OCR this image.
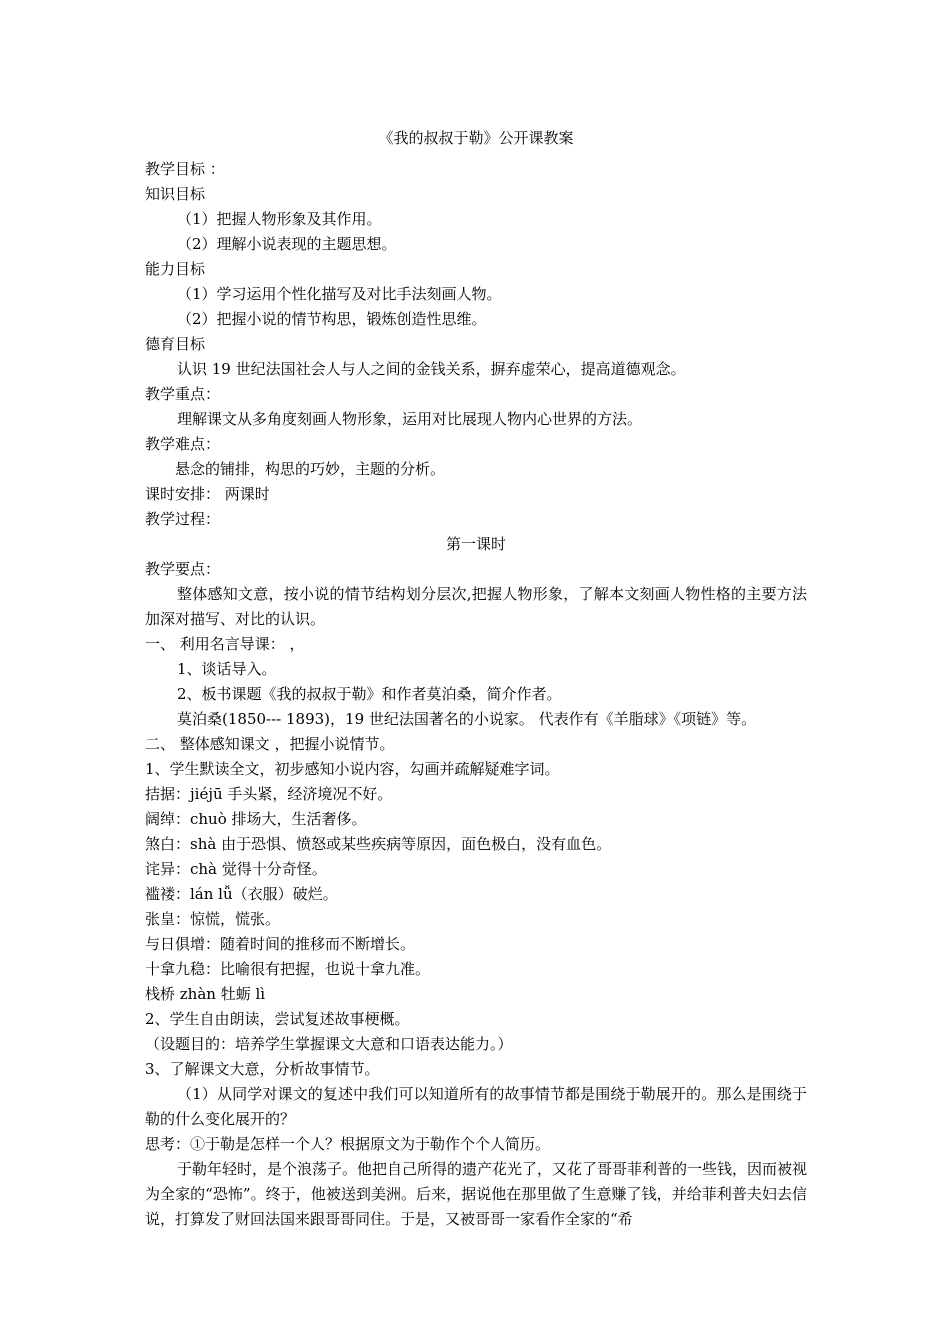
《我的叔叔于勒》公开课教案
教学目标 ：
知识目标
（1）把握人物形象及其作用。
（2）理解小说表现的主题思想。
能力目标
（1）学习运用个性化描写及对比手法刻画人物。
（2）把握小说的情节构思，锻炼创造性思维。
德育目标
认识 19 世纪法国社会人与人之间的金钱关系，摒弃虚荣心，提高道德观念。
教学重点：
理解课文从多角度刻画人物形象，运用对比展现人物内心世界的方法。
教学难点：
悬念的铺排，构思的巧妙，主题的分析。
课时安排： 两课时
教学过程：
第一课时
教学要点：
整体感知文意，按小说的情节结构划分层次,把握人物形象，了解本文刻画人物性格的主要方法加深对描写、对比的认识。
一、 利用名言导课： ，
1、谈话导入。
2、板书课题《我的叔叔于勒》和作者莫泊桑，简介作者。
莫泊桑(1850--- 1893)，19 世纪法国著名的小说家。 代表作有《羊脂球》《项链》等。
二、 整体感知课文 ，把握小说情节。
1、学生默读全文，初步感知小说内容，勾画并疏解疑难字词。
拮据：jiéjū 手头紧，经济境况不好。
阔绰：chuò 排场大，生活奢侈。
煞白：shà 由于恐惧、愤怒或某些疾病等原因，面色极白，没有血色。
诧异：chà 觉得十分奇怪。
褴褛：lán lǚ（衣服）破烂。
张皇：惊慌，慌张。
与日俱增：随着时间的推移而不断增长。
十拿九稳：比喻很有把握，也说十拿九准。
栈桥 zhàn 牡蛎 lì
2、学生自由朗读，尝试复述故事梗概。
（设题目的：培养学生掌握课文大意和口语表达能力。）
3、了解课文大意，分析故事情节。
（1）从同学对课文的复述中我们可以知道所有的故事情节都是围绕于勒展开的。那么是围绕于勒的什么变化展开的？
思考：①于勒是怎样一个人？根据原文为于勒作个个人简历。
于勒年轻时，是个浪荡子。他把自己所得的遗产花光了，又花了哥哥菲利普的一些钱，因而被视为全家的“恐怖”。终于，他被送到美洲。后来，据说他在那里做了生意赚了钱，并给菲利普夫妇去信说，打算发了财回法国来跟哥哥同住。于是，又被哥哥一家看作全家的“希
